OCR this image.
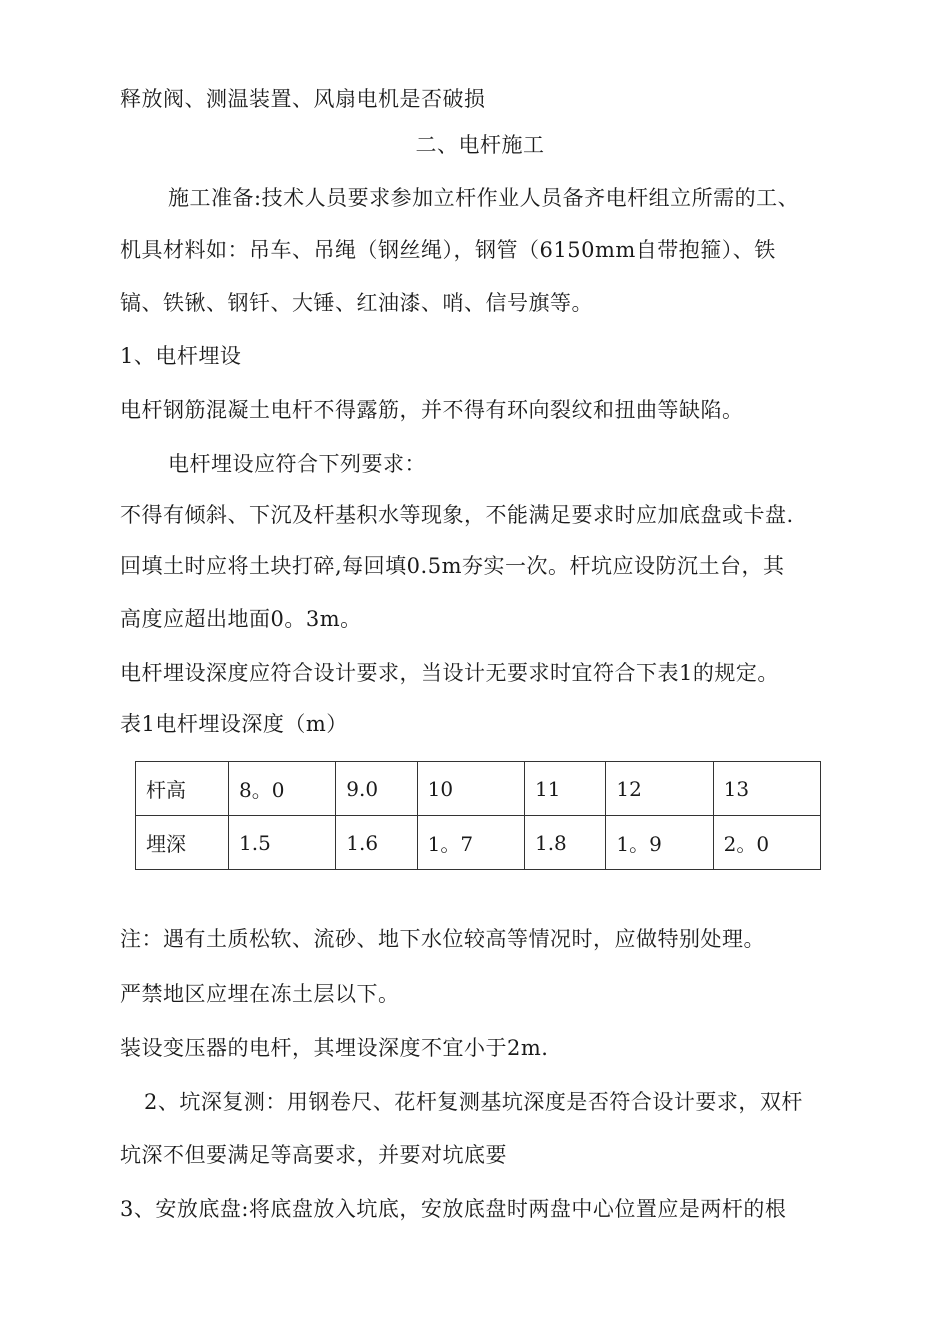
释放阀、测温装置、风扇电机是否破损
二、电杆施工
施工准备:技术人员要求参加立杆作业人员备齐电杆组立所需的工、
机具材料如：吊车、吊绳（钢丝绳），钢管（6150mm自带抱箍）、铁
镐、铁锹、钢钎、大锤、红油漆、哨、信号旗等。
1、电杆埋设
电杆钢筋混凝土电杆不得露筋，并不得有环向裂纹和扭曲等缺陷。
电杆埋设应符合下列要求：
不得有倾斜、下沉及杆基积水等现象，不能满足要求时应加底盘或卡盘.
回填土时应将土块打碎,每回填0.5m夯实一次。杆坑应设防沉土台，其
高度应超出地面0。3m。
电杆埋设深度应符合设计要求，当设计无要求时宜符合下表1的规定。
表1电杆埋设深度（m）
杆高	8。0	9.0	10	11	12	13
埋深	1.5	1.6	1。7	1.8	1。9	2。0
注：遇有土质松软、流砂、地下水位较高等情况时，应做特别处理。
严禁地区应埋在冻土层以下。
装设变压器的电杆，其埋设深度不宜小于2m.
2、坑深复测：用钢卷尺、花杆复测基坑深度是否符合设计要求，双杆
坑深不但要满足等高要求，并要对坑底要
3、安放底盘:将底盘放入坑底，安放底盘时两盘中心位置应是两杆的根
